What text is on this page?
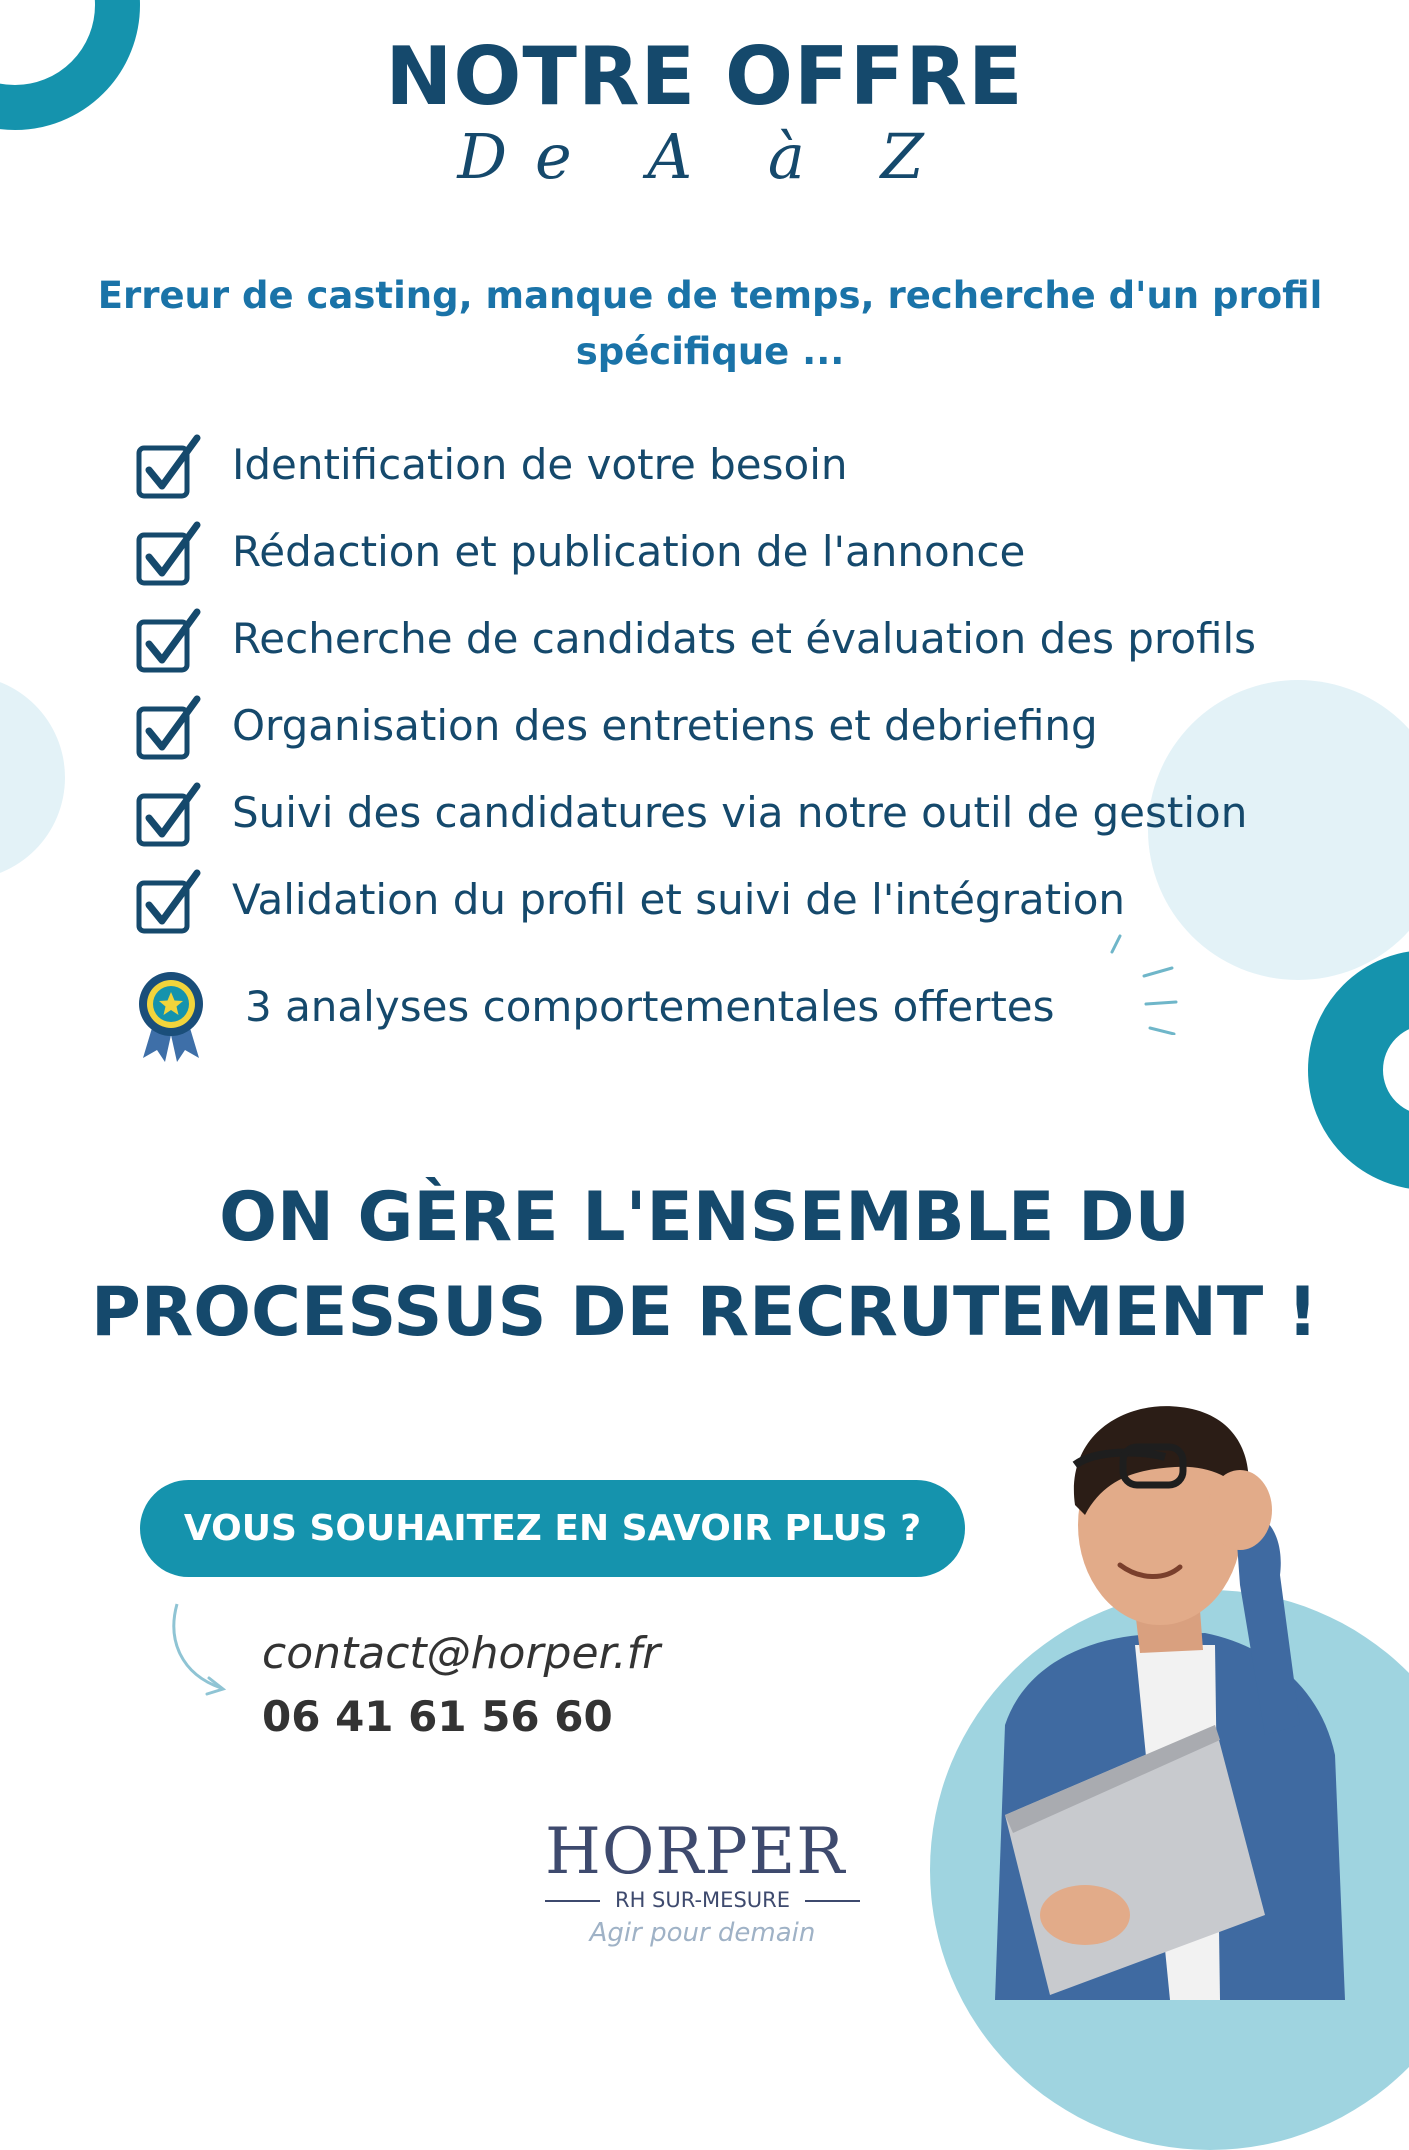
NOTRE OFFRE
De A à Z
Erreur de casting, manque de temps, recherche d'un profil spécifique ...
Identification de votre besoin
Rédaction et publication de l'annonce
Recherche de candidats et évaluation des profils
Organisation des entretiens et debriefing
Suivi des candidatures via notre outil de gestion
Validation du profil et suivi de l'intégration
3 analyses comportementales offertes
ON GÈRE L'ENSEMBLE DU PROCESSUS DE RECRUTEMENT !
VOUS SOUHAITEZ EN SAVOIR PLUS ?
contact@horper.fr
06 41 61 56 60
HORPER
RH SUR-MESURE
Agir pour demain
